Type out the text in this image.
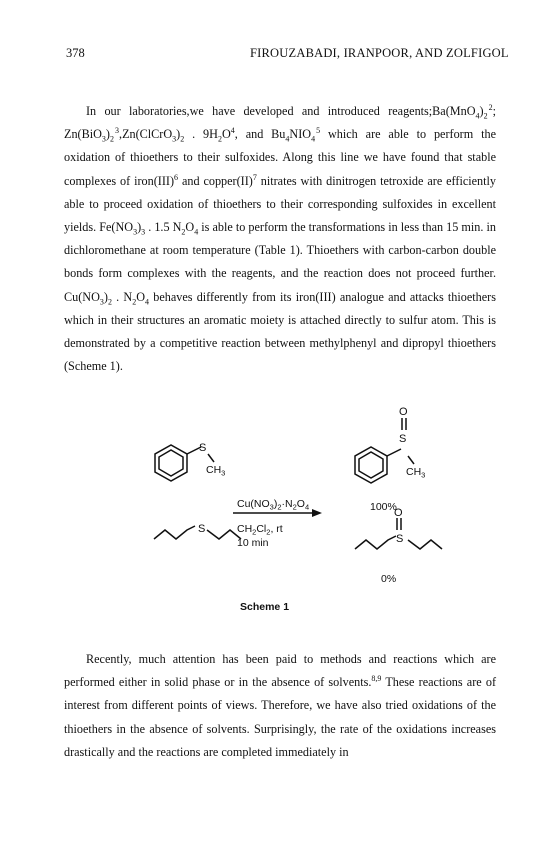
378	FIROUZABADI, IRANPOOR, AND ZOLFIGOL

In our laboratories,we have developed and introduced $reagents;Ba(MnO_4)_2$ $^2$; $Zn(BiO_3)_2$ $^3,Zn(ClCrO_3)_2$ . $9H_2O^4$, and $Bu_4NIO_4$ $^5$ which are able to perform the oxidation of thioethers to their sulfoxides. Along this line we have found that stable complexes of iron(III)$^6$ and copper(II)$^7$ nitrates with dinitrogen tetroxide are efficiently able to proceed oxidation of thioethers to their corresponding sulfoxides in excellent yields. $Fe(NO_3)_3$ . 1.5 $N_2O_4$ is able to perform the transformations in less than 15 min. in dichloromethane at room temperature (Table 1). Thioethers with carbon-carbon double bonds form complexes with the reagents, and the reaction does not proceed further. $Cu(NO_3)_2$ . $N_2O_4$ behaves differently from its iron(III) analogue and attacks thioethers which in their structures an aromatic moiety is attached directly to sulfur atom. This is demonstrated by a competitive reaction between methylphenyl and dipropyl thioethers (Scheme 1).

S
$CH_3$
O
S
$CH_3$
S
O
S
$Cu(NO_3)_2\cdot N_2O_4$
$CH_2Cl_2$, rt
10 min
100%
0%
Scheme 1

Recently, much attention has been paid to methods and reactions which are performed either in solid phase or in the absence of solvents.$^{8,9}$ These reactions are of interest from different points of views. Therefore, we have also tried oxidations of the thioethers in the absence of solvents. Surprisingly, the rate of the oxidations increases drastically and the reactions are completed immediately in
